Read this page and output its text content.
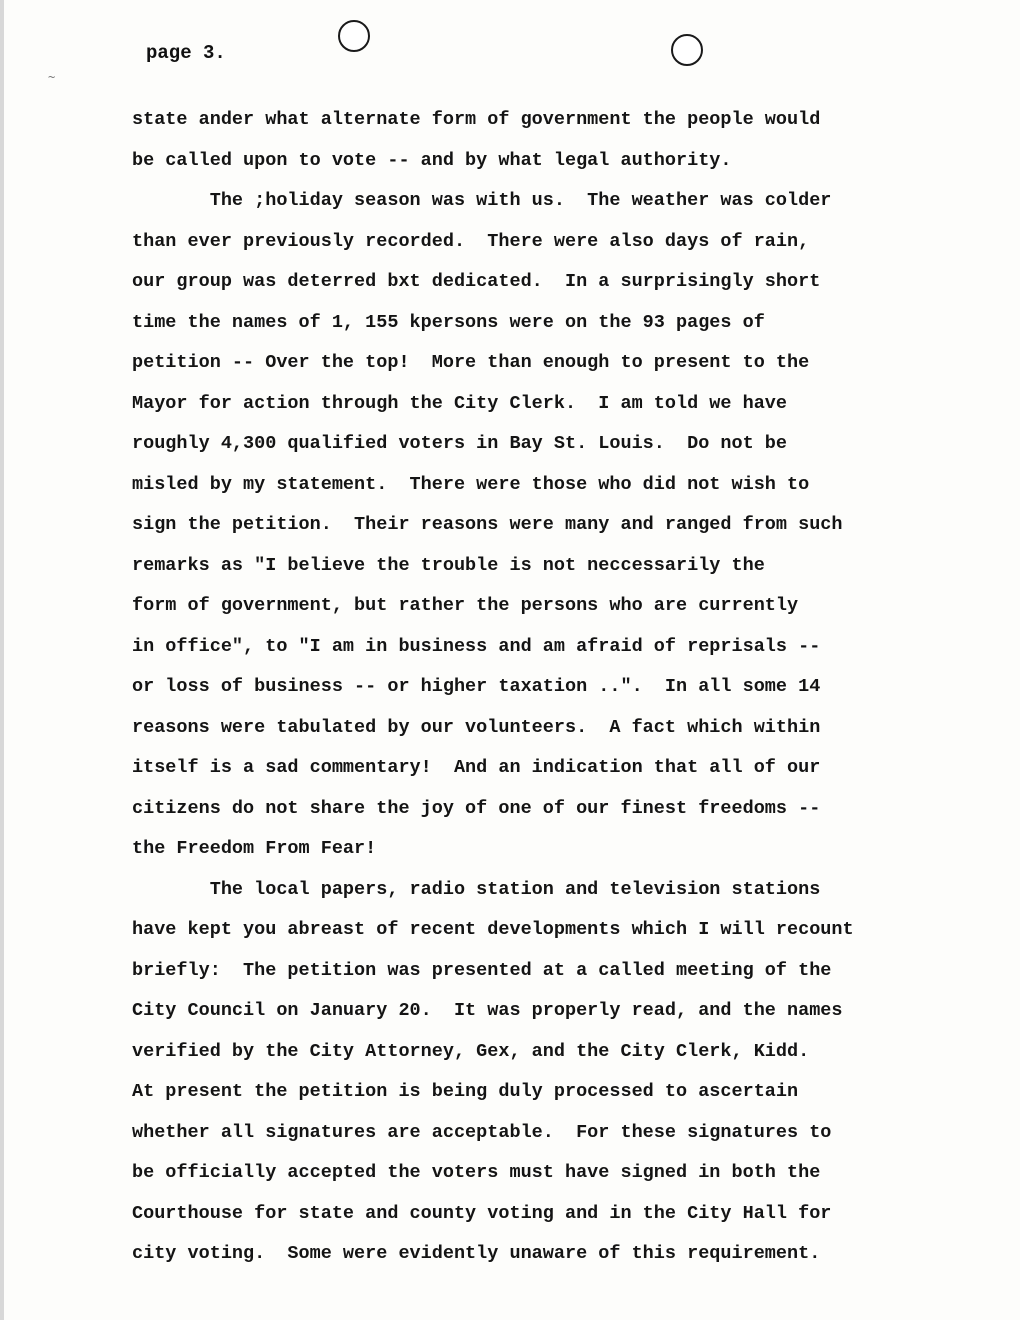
~
page 3.
state ander what alternate form of government the people would
be called upon to vote -- and by what legal authority.
The ;holiday season was with us.  The weather was colder
than ever previously recorded.  There were also days of rain,
our group was deterred bxt dedicated.  In a surprisingly short
time the names of 1, 155 kpersons were on the 93 pages of
petition -- Over the top!  More than enough to present to the
Mayor for action through the City Clerk.  I am told we have
roughly 4,300 qualified voters in Bay St. Louis.  Do not be
misled by my statement.  There were those who did not wish to
sign the petition.  Their reasons were many and ranged from such
remarks as "I believe the trouble is not neccessarily the
form of government, but rather the persons who are currently
in office", to "I am in business and am afraid of reprisals --
or loss of business -- or higher taxation ..".  In all some 14
reasons were tabulated by our volunteers.  A fact which within
itself is a sad commentary!  And an indication that all of our
citizens do not share the joy of one of our finest freedoms --
the Freedom From Fear!
The local papers, radio station and television stations
have kept you abreast of recent developments which I will recount
briefly:  The petition was presented at a called meeting of the
City Council on January 20.  It was properly read, and the names
verified by the City Attorney, Gex, and the City Clerk, Kidd.
At present the petition is being duly processed to ascertain
whether all signatures are acceptable.  For these signatures to
be officially accepted the voters must have signed in both the
Courthouse for state and county voting and in the City Hall for
city voting.  Some were evidently unaware of this requirement.
